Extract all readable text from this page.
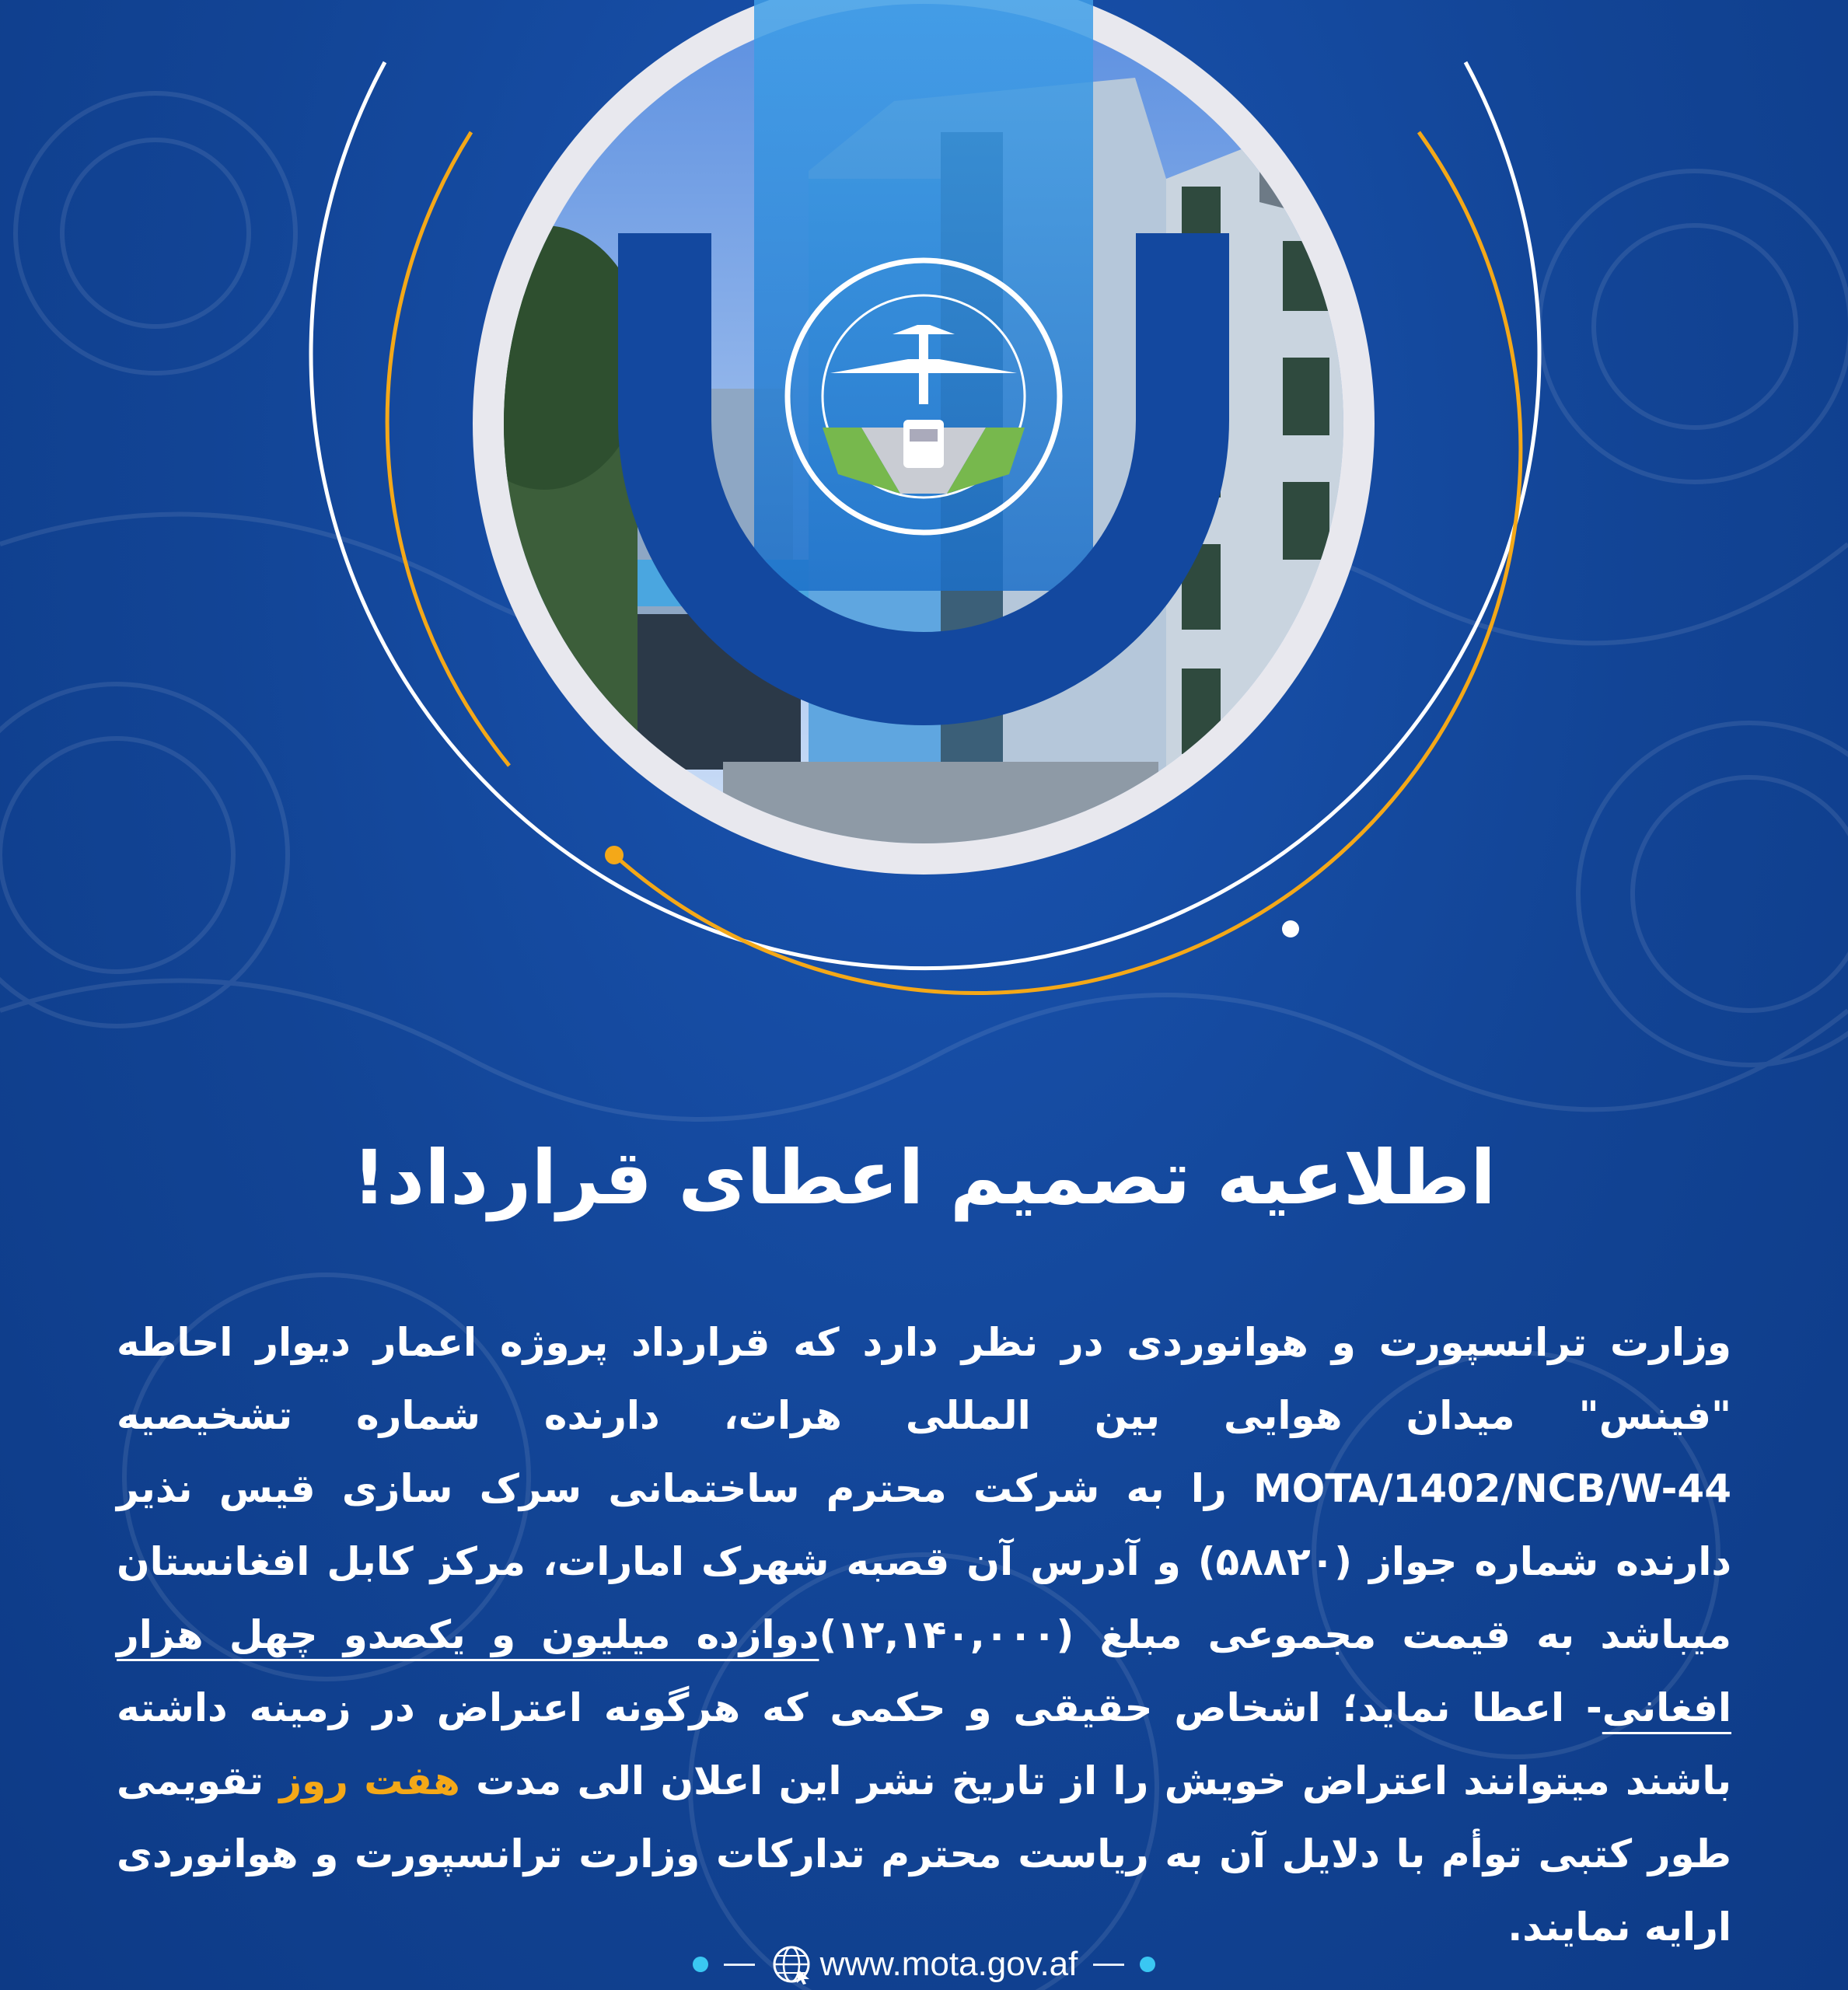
اطلاعیه تصمیم اعطای قرارداد!

وزارت ترانسپورت و هوانوردی در نظر دارد که قرارداد پروژه اعمار دیوار احاطه "فینس" میدان هوایی بین المللی هرات، دارنده شماره تشخیصیه MOTA/1402/NCB/W-44 را به شرکت محترم ساختمانی سرک سازی قیس نذیر دارنده شماره جواز (۵۸۸۲۰) و آدرس آن قصبه شهرک امارات، مرکز کابل افغانستان میباشد به قیمت مجموعی مبلغ (۱۲,۱۴۰,۰۰۰)دوازده میلیون و یکصدو چهل هزار افغانی- اعطا نماید؛ اشخاص حقیقی و حکمی که هرگونه اعتراض در زمینه داشته باشند میتوانند اعتراض خویش را از تاریخ نشر این اعلان الی مدت هفت روز تقویمی طور کتبی توأم با دلایل آن به ریاست محترم تدارکات وزارت ترانسپورت و هوانوردی ارایه نمایند.

www.mota.gov.af
